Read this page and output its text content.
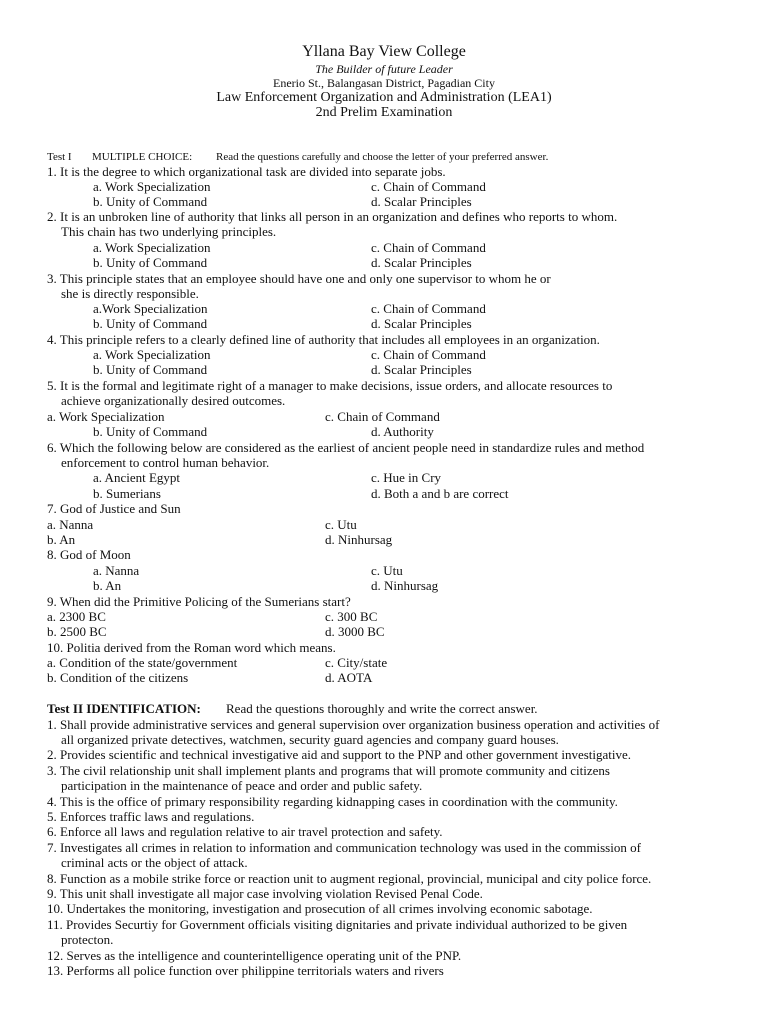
Yllana Bay View College
The Builder of future Leader
Enerio St., Balangasan District, Pagadian City
Law Enforcement Organization and Administration (LEA1)
2nd Prelim Examination
Test I MULTIPLE CHOICE: Read the questions carefully and choose the letter of your preferred answer.
1. It is the degree to which organizational task are divided into separate jobs.
a. Work Specialization	c. Chain of Command
b. Unity of Command	d. Scalar Principles
2. It is an unbroken line of authority that links all person in an organization and defines who reports to whom.
This chain has two underlying principles.
a. Work Specialization	c. Chain of Command
b. Unity of Command	d. Scalar Principles
3. This principle states that an employee should have one and only one supervisor to whom he or
she is directly responsible.
a.Work Specialization	c. Chain of Command
b. Unity of Command	d. Scalar Principles
4. This principle refers to a clearly defined line of authority that includes all employees in an organization.
a. Work Specialization	c. Chain of Command
b. Unity of Command	d. Scalar Principles
5. It is the formal and legitimate right of a manager to make decisions, issue orders, and allocate resources to
achieve organizationally desired outcomes.
a. Work Specialization	c. Chain of Command
b. Unity of Command	d. Authority
6. Which the following below are considered as the earliest of ancient people need in standardize rules and method
enforcement to control human behavior.
a. Ancient Egypt	c. Hue in Cry
b. Sumerians	d. Both a and b are correct
7. God of Justice and Sun
a. Nanna	c. Utu
b. An	d. Ninhursag
8. God of Moon
a. Nanna	c. Utu
b. An	d. Ninhursag
9. When did the Primitive Policing of the Sumerians start?
a. 2300 BC	c. 300 BC
b. 2500 BC	d. 3000 BC
10. Politia derived from the Roman word which means.
a. Condition of the state/government	c. City/state
b. Condition of the citizens	d. AOTA
Test II IDENTIFICATION: Read the questions thoroughly and write the correct answer.
1. Shall provide administrative services and general supervision over organization business operation and activities of
all organized private detectives, watchmen, security guard agencies and company guard houses.
2. Provides scientific and technical investigative aid and support to the PNP and other government investigative.
3. The civil relationship unit shall implement plants and programs that will promote community and citizens
participation in the maintenance of peace and order and public safety.
4. This is the office of primary responsibility regarding kidnapping cases in coordination with the community.
5. Enforces traffic laws and regulations.
6. Enforce all laws and regulation relative to air travel protection and safety.
7. Investigates all crimes in relation to information and communication technology was used in the commission of
criminal acts or the object of attack.
8. Function as a mobile strike force or reaction unit to augment regional, provincial, municipal and city police force.
9. This unit shall investigate all major case involving violation Revised Penal Code.
10. Undertakes the monitoring, investigation and prosecution of all crimes involving economic sabotage.
11. Provides Securtiy for Government officials visiting dignitaries and private individual authorized to be given
protecton.
12. Serves as the intelligence and counterintelligence operating unit of the PNP.
13. Performs all police function over philippine territorials waters and rivers
